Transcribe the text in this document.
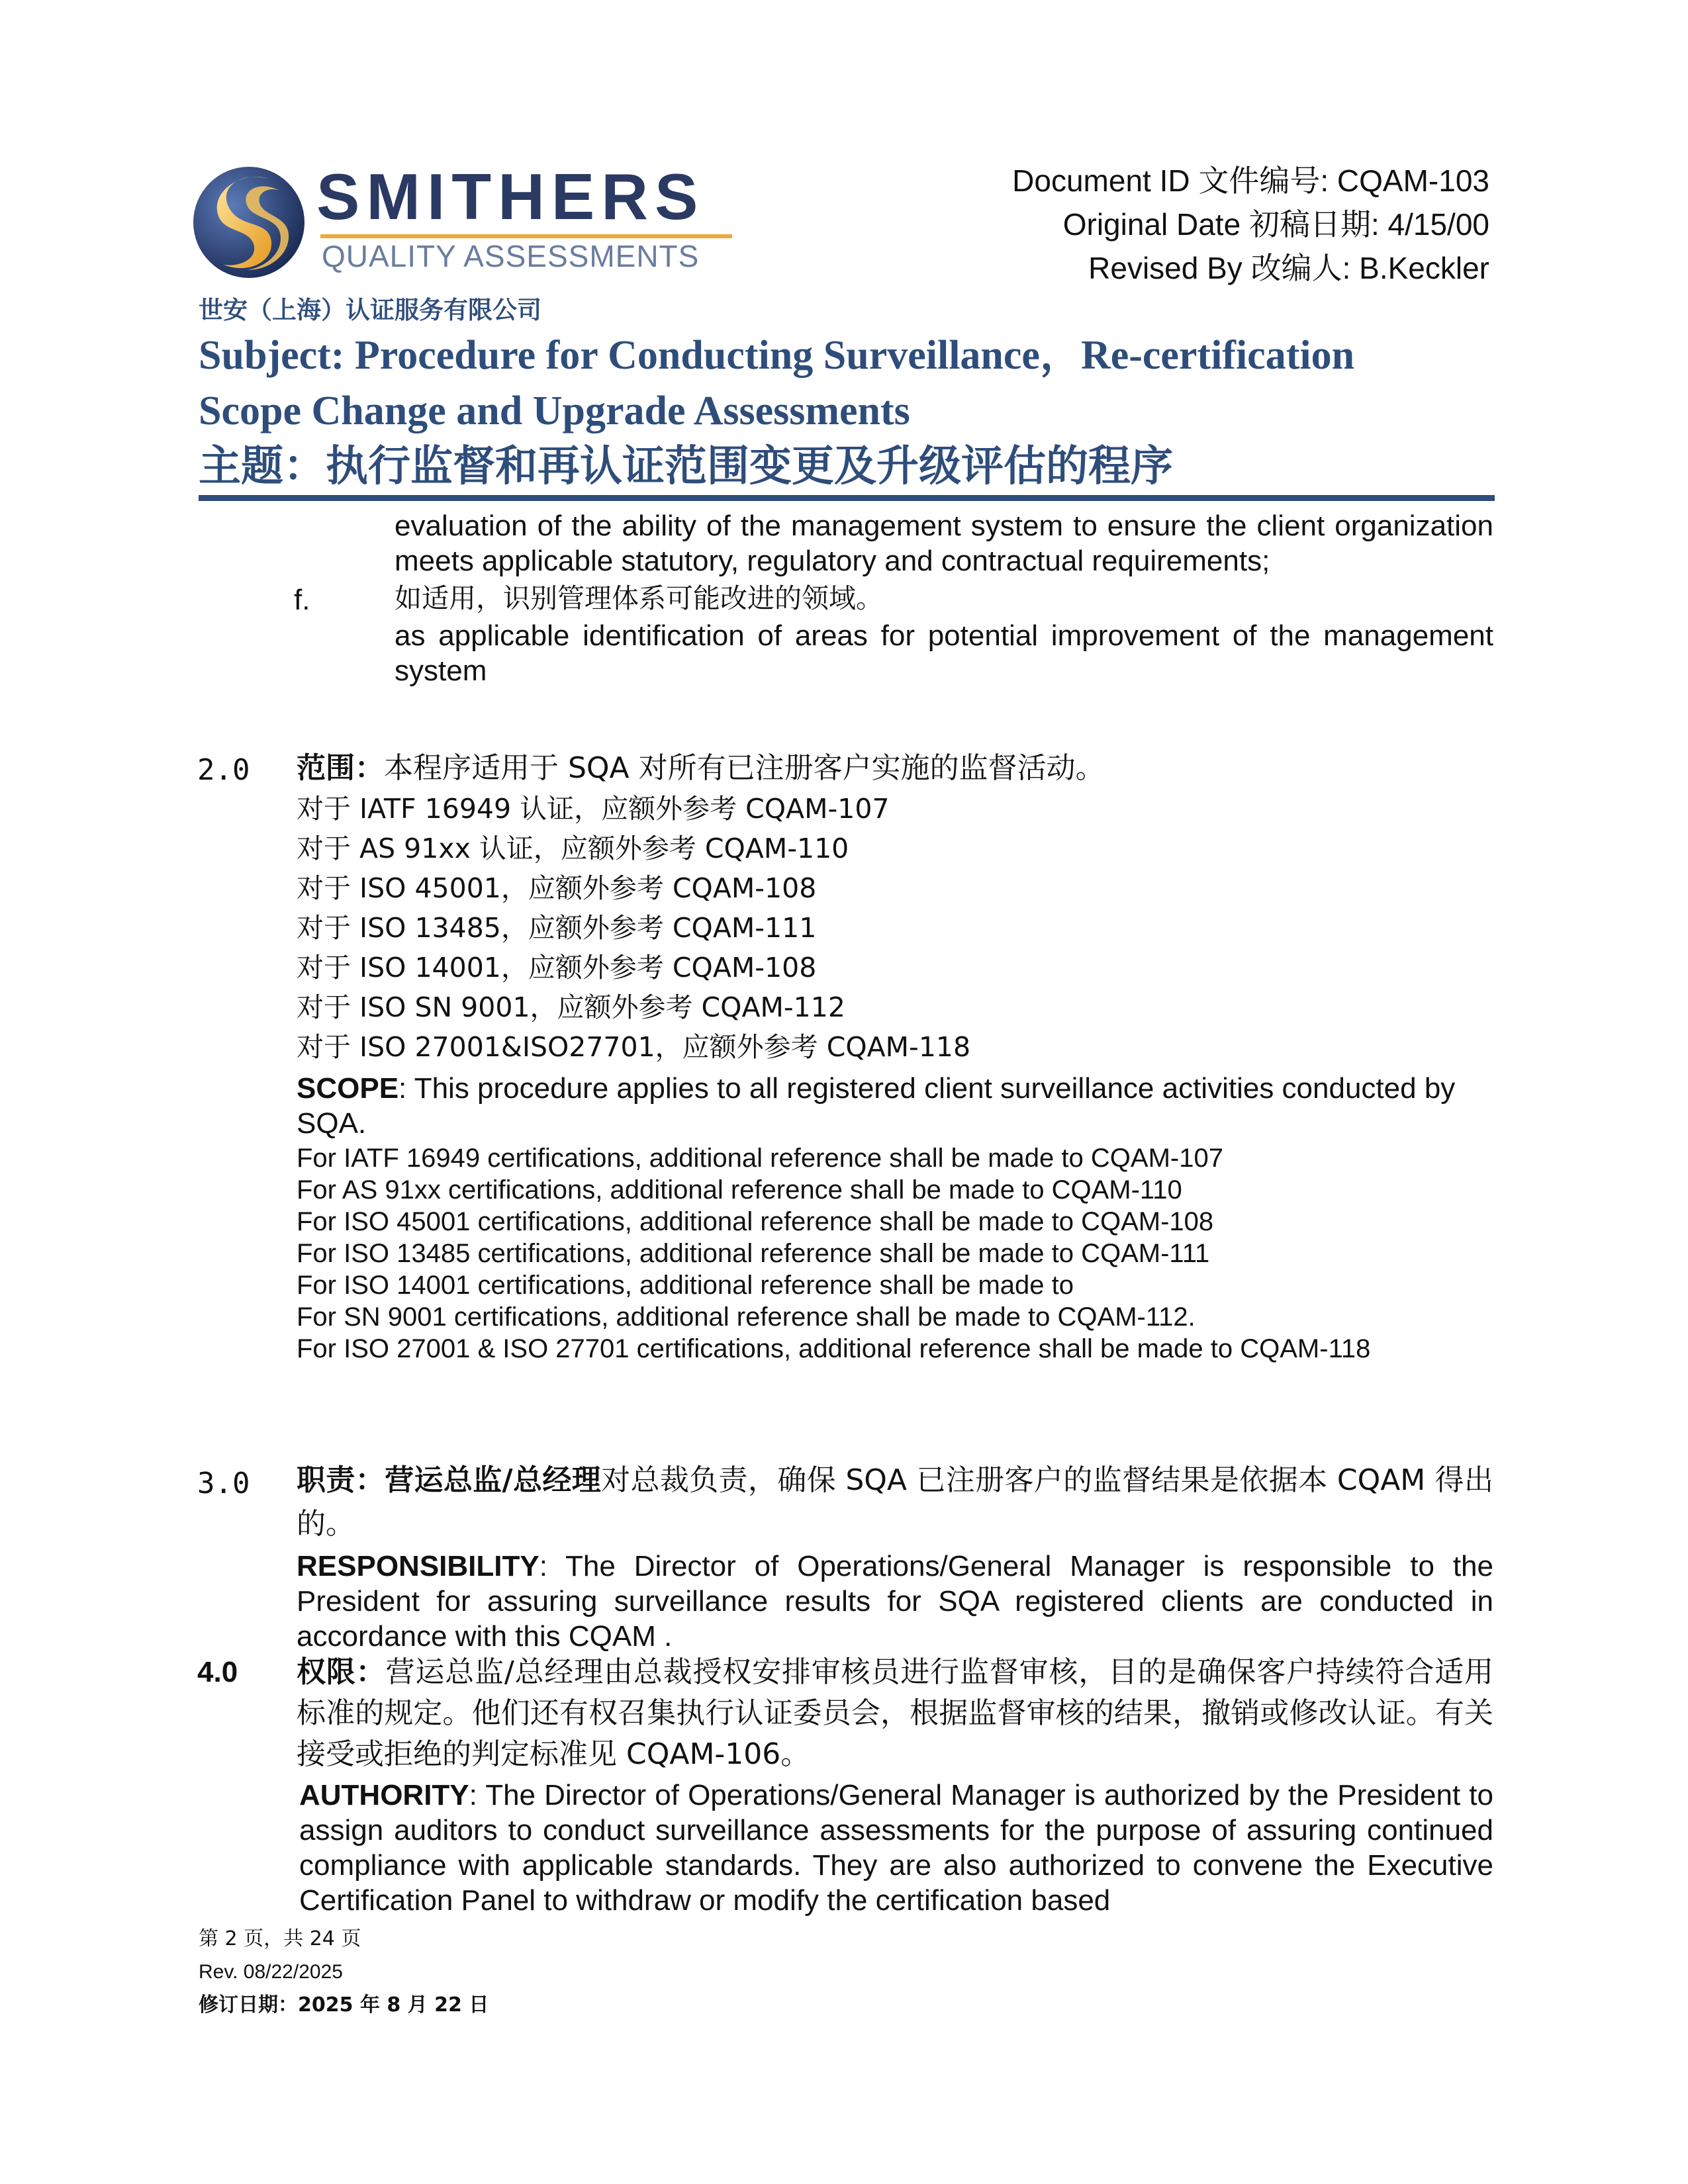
SMITHERS
QUALITY ASSESSMENTS
世安（上海）认证服务有限公司
Document ID 文件编号: CQAM-103
Original Date 初稿日期: 4/15/00
Revised By 改编人: B.Keckler
Subject: Procedure for Conducting Surveillance，Re-certification
Scope Change and Upgrade Assessments
主题：执行监督和再认证范围变更及升级评估的程序
evaluation of the ability of the management system to ensure the client organization meets applicable statutory, regulatory and contractual requirements;
f.	如适用，识别管理体系可能改进的领域。
as applicable identification of areas for potential improvement of the management system
2.0 范围：本程序适用于 SQA 对所有已注册客户实施的监督活动。
对于 IATF 16949 认证，应额外参考 CQAM-107
对于 AS 91xx 认证，应额外参考 CQAM-110
对于 ISO 45001，应额外参考 CQAM-108
对于 ISO 13485，应额外参考 CQAM-111
对于 ISO 14001，应额外参考 CQAM-108
对于 ISO SN 9001，应额外参考 CQAM-112
对于 ISO 27001&ISO27701，应额外参考 CQAM-118
SCOPE: This procedure applies to all registered client surveillance activities conducted by SQA.
For IATF 16949 certifications, additional reference shall be made to CQAM-107
For AS 91xx certifications, additional reference shall be made to CQAM-110
For ISO 45001 certifications, additional reference shall be made to CQAM-108
For ISO 13485 certifications, additional reference shall be made to CQAM-111
For ISO 14001 certifications, additional reference shall be made to
For SN 9001 certifications, additional reference shall be made to CQAM-112.
For ISO 27001 & ISO 27701 certifications, additional reference shall be made to CQAM-118
3.0 职责：营运总监/总经理对总裁负责，确保 SQA 已注册客户的监督结果是依据本 CQAM 得出的。
RESPONSIBILITY: The Director of Operations/General Manager is responsible to the President for assuring surveillance results for SQA registered clients are conducted in accordance with this CQAM .
4.0 权限：营运总监/总经理由总裁授权安排审核员进行监督审核，目的是确保客户持续符合适用标准的规定。他们还有权召集执行认证委员会，根据监督审核的结果，撤销或修改认证。有关接受或拒绝的判定标准见 CQAM-106。
AUTHORITY: The Director of Operations/General Manager is authorized by the President to assign auditors to conduct surveillance assessments for the purpose of assuring continued compliance with applicable standards. They are also authorized to convene the Executive Certification Panel to withdraw or modify the certification based
第 2 页，共 24 页
Rev. 08/22/2025
修订日期：2025 年 8 月 22 日
